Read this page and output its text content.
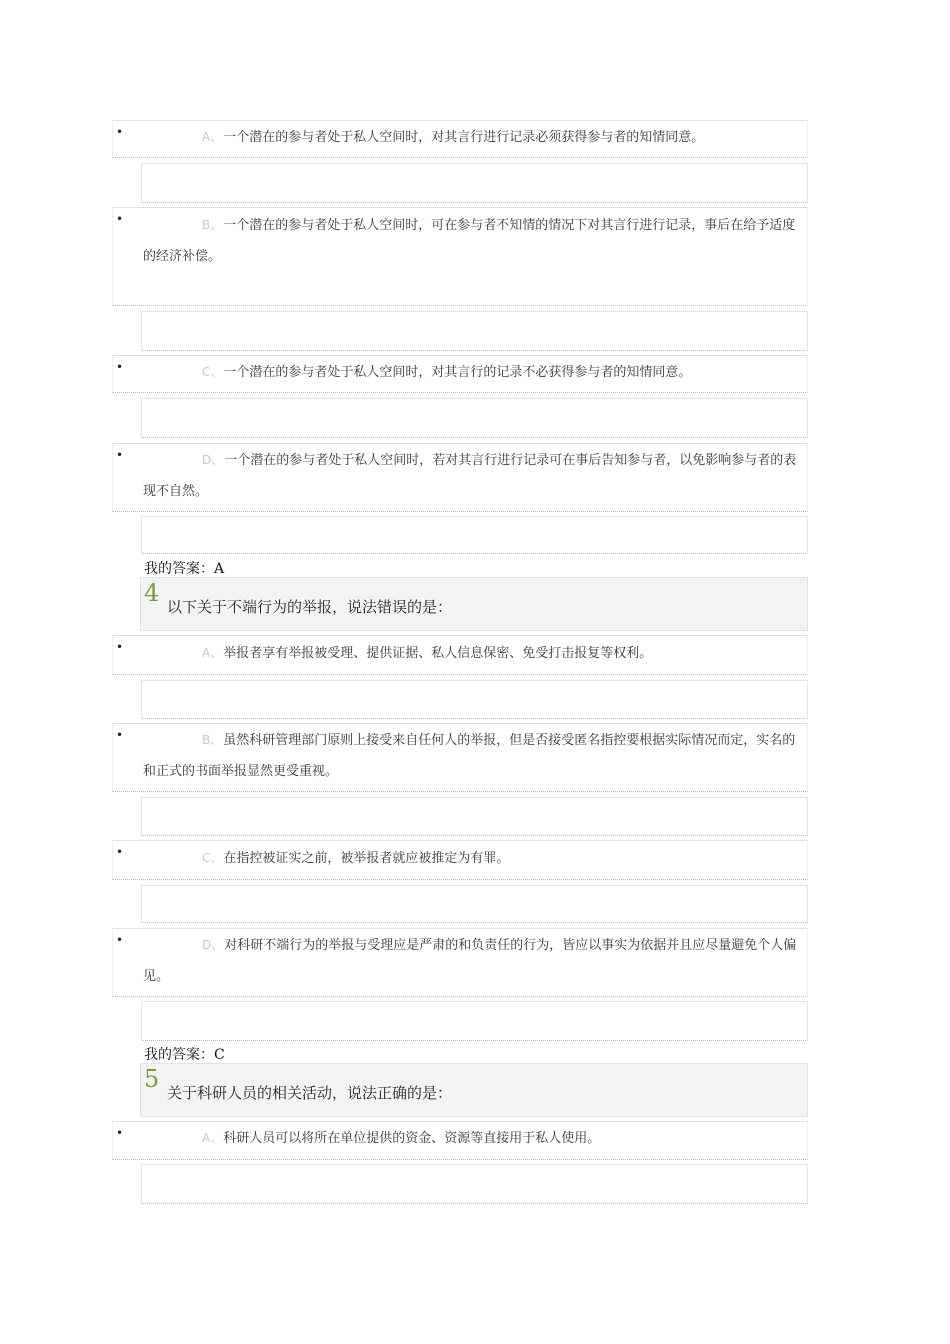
•	A、一个潜在的参与者处于私人空间时，对其言行进行记录必须获得参与者的知情同意。
•	B、一个潜在的参与者处于私人空间时，可在参与者不知情的情况下对其言行进行记录，事后在给予适度的经济补偿。
•	C、一个潜在的参与者处于私人空间时，对其言行的记录不必获得参与者的知情同意。
•	D、一个潜在的参与者处于私人空间时，若对其言行进行记录可在事后告知参与者，以免影响参与者的表现不自然。
我的答案：A
4 以下关于不端行为的举报，说法错误的是：
•	A、举报者享有举报被受理、提供证据、私人信息保密、免受打击报复等权利。
•	B、虽然科研管理部门原则上接受来自任何人的举报，但是否接受匿名指控要根据实际情况而定，实名的和正式的书面举报显然更受重视。
•	C、在指控被证实之前，被举报者就应被推定为有罪。
•	D、对科研不端行为的举报与受理应是严肃的和负责任的行为，皆应以事实为依据并且应尽量避免个人偏见。
我的答案：C
5 关于科研人员的相关活动，说法正确的是：
•	A、科研人员可以将所在单位提供的资金、资源等直接用于私人使用。
